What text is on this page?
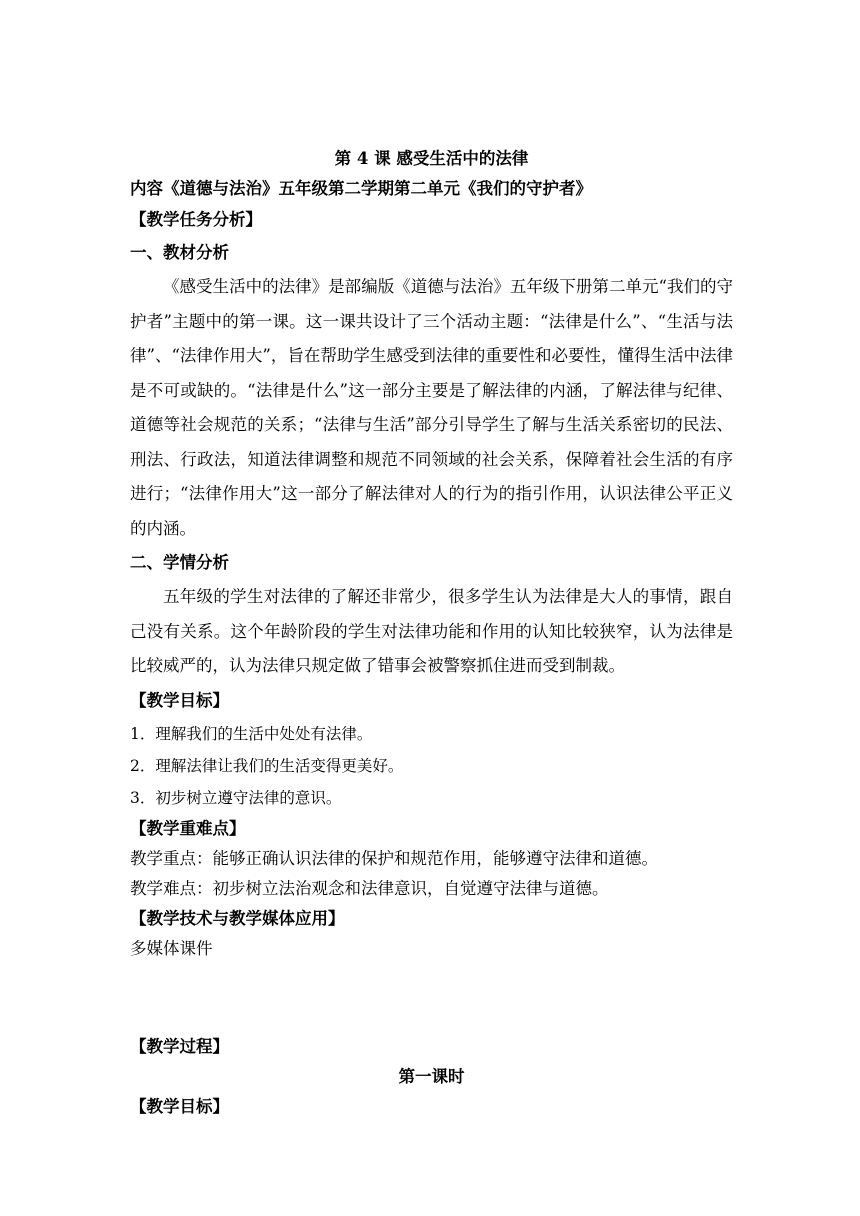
第 4 课 感受生活中的法律

内容《道德与法治》五年级第二学期第二单元《我们的守护者》

【教学任务分析】

一、教材分析

《感受生活中的法律》是部编版《道德与法治》五年级下册第二单元“我们的守护者”主题中的第一课。这一课共设计了三个活动主题：“法律是什么”、“生活与法律”、“法律作用大”，旨在帮助学生感受到法律的重要性和必要性，懂得生活中法律是不可或缺的。“法律是什么”这一部分主要是了解法律的内涵，了解法律与纪律、道德等社会规范的关系；“法律与生活”部分引导学生了解与生活关系密切的民法、刑法、行政法，知道法律调整和规范不同领域的社会关系，保障着社会生活的有序进行；“法律作用大”这一部分了解法律对人的行为的指引作用，认识法律公平正义的内涵。

二、学情分析

五年级的学生对法律的了解还非常少，很多学生认为法律是大人的事情，跟自己没有关系。这个年龄阶段的学生对法律功能和作用的认知比较狭窄，认为法律是比较威严的，认为法律只规定做了错事会被警察抓住进而受到制裁。

【教学目标】

1．理解我们的生活中处处有法律。

2．理解法律让我们的生活变得更美好。

3．初步树立遵守法律的意识。

【教学重难点】

教学重点：能够正确认识法律的保护和规范作用，能够遵守法律和道德。

教学难点：初步树立法治观念和法律意识，自觉遵守法律与道德。

【教学技术与教学媒体应用】

多媒体课件

【教学过程】

第一课时

【教学目标】
